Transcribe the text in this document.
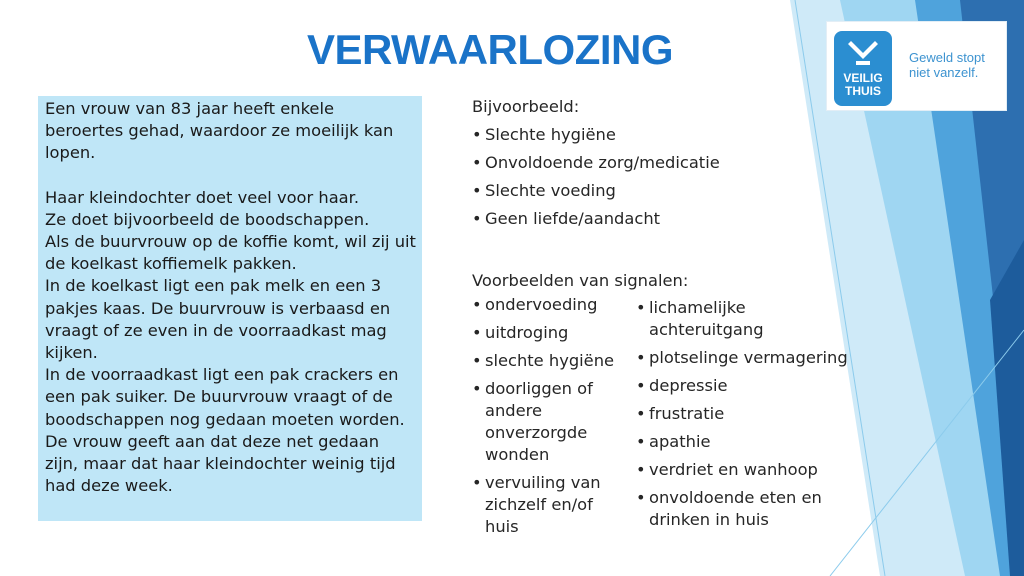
VERWAARLOZING
VEILIG
THUIS
Geweld stopt
niet vanzelf.

Een vrouw van 83 jaar heeft enkele beroertes gehad, waardoor ze moeilijk kan lopen.

Haar kleindochter doet veel voor haar.

Ze doet bijvoorbeeld de boodschappen.

Als de buurvrouw op de koffie komt, wil zij uit de koelkast koffiemelk pakken.

In de koelkast ligt een pak melk en een 3 pakjes kaas. De buurvrouw is verbaasd en vraagt of ze even in de voorraadkast mag kijken.

In de voorraadkast ligt een pak crackers en een pak suiker. De buurvrouw vraagt of de boodschappen nog gedaan moeten worden.

De vrouw geeft aan dat deze net gedaan zijn, maar dat haar kleindochter weinig tijd had deze week.

Bijvoorbeeld:
• Slechte hygiëne
• Onvoldoende zorg/medicatie
• Slechte voeding
• Geen liefde/aandacht
Voorbeelden van signalen:
• ondervoeding
• uitdroging
• slechte hygiëne
• doorliggen of andere onverzorgde wonden
• vervuiling van zichzelf en/of huis
• lichamelijke achteruitgang
• plotselinge vermagering
• depressie
• frustratie
• apathie
• verdriet en wanhoop
• onvoldoende eten en drinken in huis
